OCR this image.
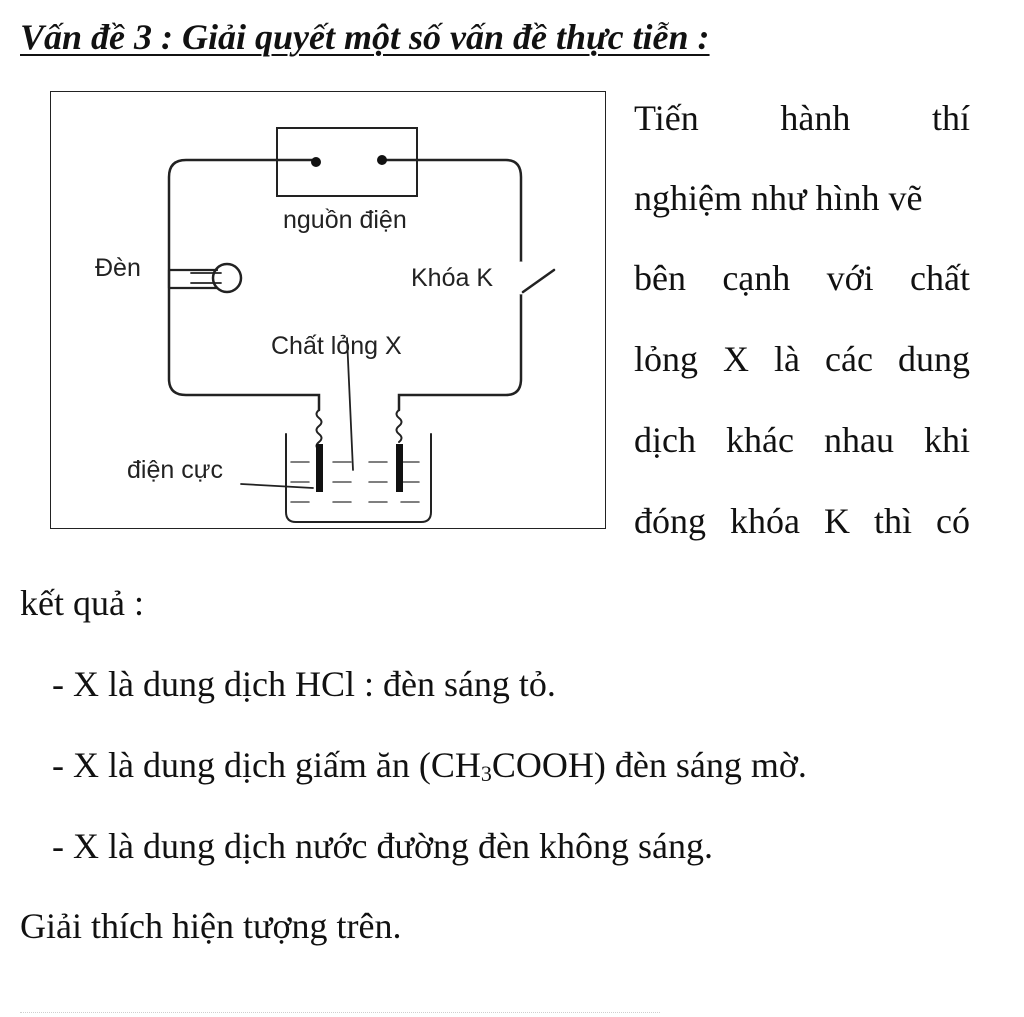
Vấn đề 3 : Giải quyết một số vấn đề thực tiễn :
nguồn điện
Đèn	Khóa K
Chất lỏng X
điện cực
Tiến hành thí
nghiệm như hình vẽ
bên cạnh với chất
lỏng X là các dung
dịch khác nhau khi
đóng khóa K thì có
kết quả :
- X là dung dịch HCl : đèn sáng tỏ.
- X là dung dịch giấm ăn (CH3COOH) đèn sáng mờ.
- X là dung dịch nước đường đèn không sáng.
Giải thích hiện tượng trên.
